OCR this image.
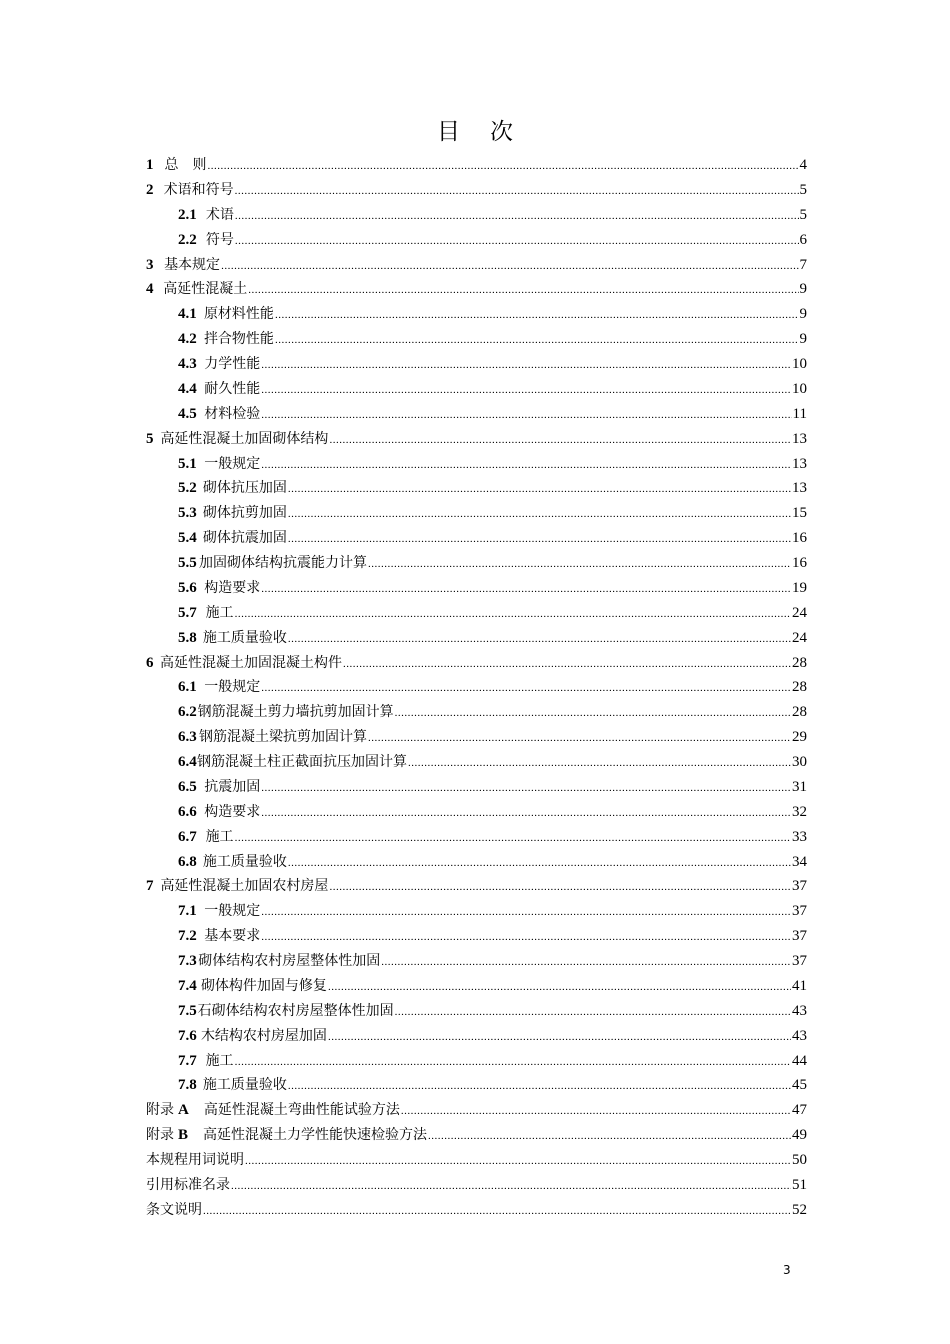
目 次
1 总　则 .....	4
2 术语和符号 .....	5
2.1 术语 .....	5
2.2 符号 .....	6
3 基本规定 .....	7
4 高延性混凝土 .....	9
4.1 原材料性能 .....	9
4.2 拌合物性能 .....	9
4.3 力学性能 .....	10
4.4 耐久性能 .....	10
4.5 材料检验 .....	11
5 高延性混凝土加固砌体结构 .....	13
5.1 一般规定 .....	13
5.2 砌体抗压加固 .....	13
5.3 砌体抗剪加固 .....	15
5.4 砌体抗震加固 .....	16
5.5 加固砌体结构抗震能力计算 .....	16
5.6 构造要求 .....	19
5.7 施工 .....	24
5.8 施工质量验收 .....	24
6 高延性混凝土加固混凝土构件 .....	28
6.1 一般规定 .....	28
6.2 钢筋混凝土剪力墙抗剪加固计算 .....	28
6.3 钢筋混凝土梁抗剪加固计算 .....	29
6.4 钢筋混凝土柱正截面抗压加固计算 .....	30
6.5 抗震加固 .....	31
6.6 构造要求 .....	32
6.7 施工 .....	33
6.8 施工质量验收 .....	34
7 高延性混凝土加固农村房屋 .....	37
7.1 一般规定 .....	37
7.2 基本要求 .....	37
7.3 砌体结构农村房屋整体性加固 .....	37
7.4 砌体构件加固与修复 .....	41
7.5 石砌体结构农村房屋整体性加固 .....	43
7.6 木结构农村房屋加固 .....	43
7.7 施工 .....	44
7.8 施工质量验收 .....	45
附录 A 高延性混凝土弯曲性能试验方法 .....	47
附录 B 高延性混凝土力学性能快速检验方法 .....	49
本规程用词说明 .....	50
引用标准名录 .....	51
条文说明 .....	52
3
